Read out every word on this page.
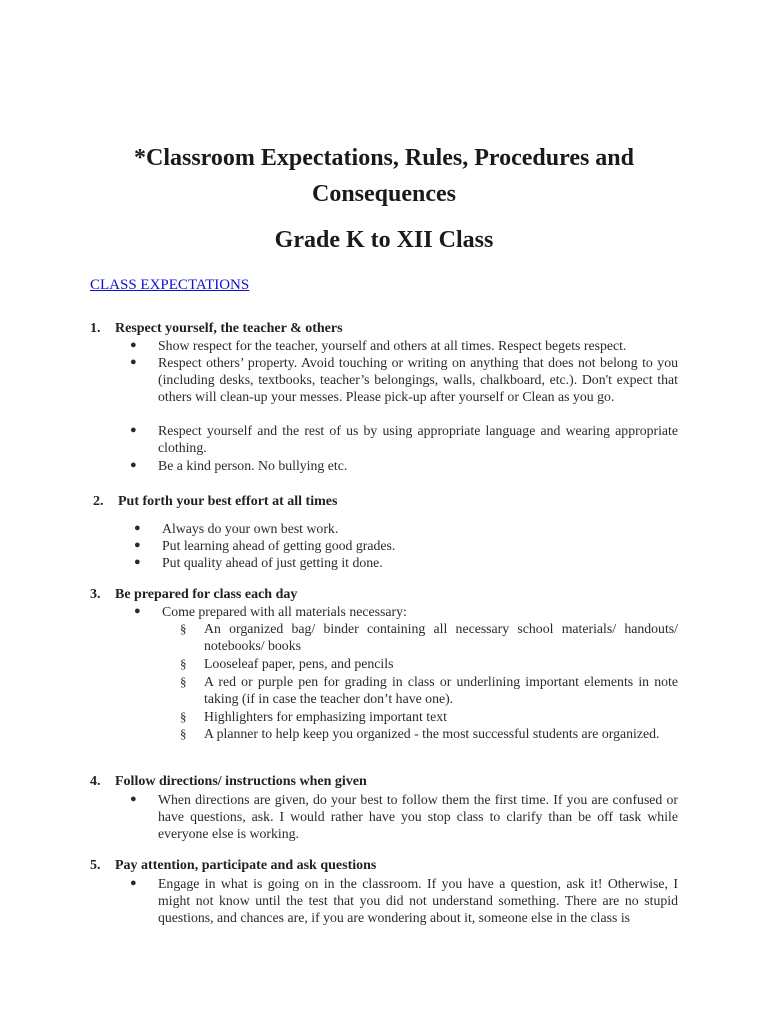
*Classroom Expectations, Rules, Procedures and
Consequences
Grade K to XII Class
CLASS EXPECTATIONS
1. Respect yourself, the teacher & others
● Show respect for the teacher, yourself and others at all times. Respect begets respect.

● Respect others’ property. Avoid touching or writing on anything that does not belong to you (including desks, textbooks, teacher’s belongings, walls, chalkboard, etc.). Don't expect that others will clean-up your messes. Please pick-up after yourself or Clean as you go.

● Respect yourself and the rest of us by using appropriate language and wearing appropriate clothing.

● Be a kind person. No bullying etc.

2. Put forth your best effort at all times
● Always do your own best work.

● Put learning ahead of getting good grades.

● Put quality ahead of just getting it done.

3. Be prepared for class each day
● Come prepared with all materials necessary:

§ An organized bag/ binder containing all necessary school materials/ handouts/ notebooks/ books

§ Looseleaf paper, pens, and pencils

§ A red or purple pen for grading in class or underlining important elements in note taking (if in case the teacher don’t have one).

§ Highlighters for emphasizing important text

§ A planner to help keep you organized - the most successful students are organized.

4. Follow directions/ instructions when given
● When directions are given, do your best to follow them the first time. If you are confused or have questions, ask. I would rather have you stop class to clarify than be off task while everyone else is working.

5. Pay attention, participate and ask questions
● Engage in what is going on in the classroom. If you have a question, ask it! Otherwise, I might not know until the test that you did not understand something. There are no stupid questions, and chances are, if you are wondering about it, someone else in the class is
